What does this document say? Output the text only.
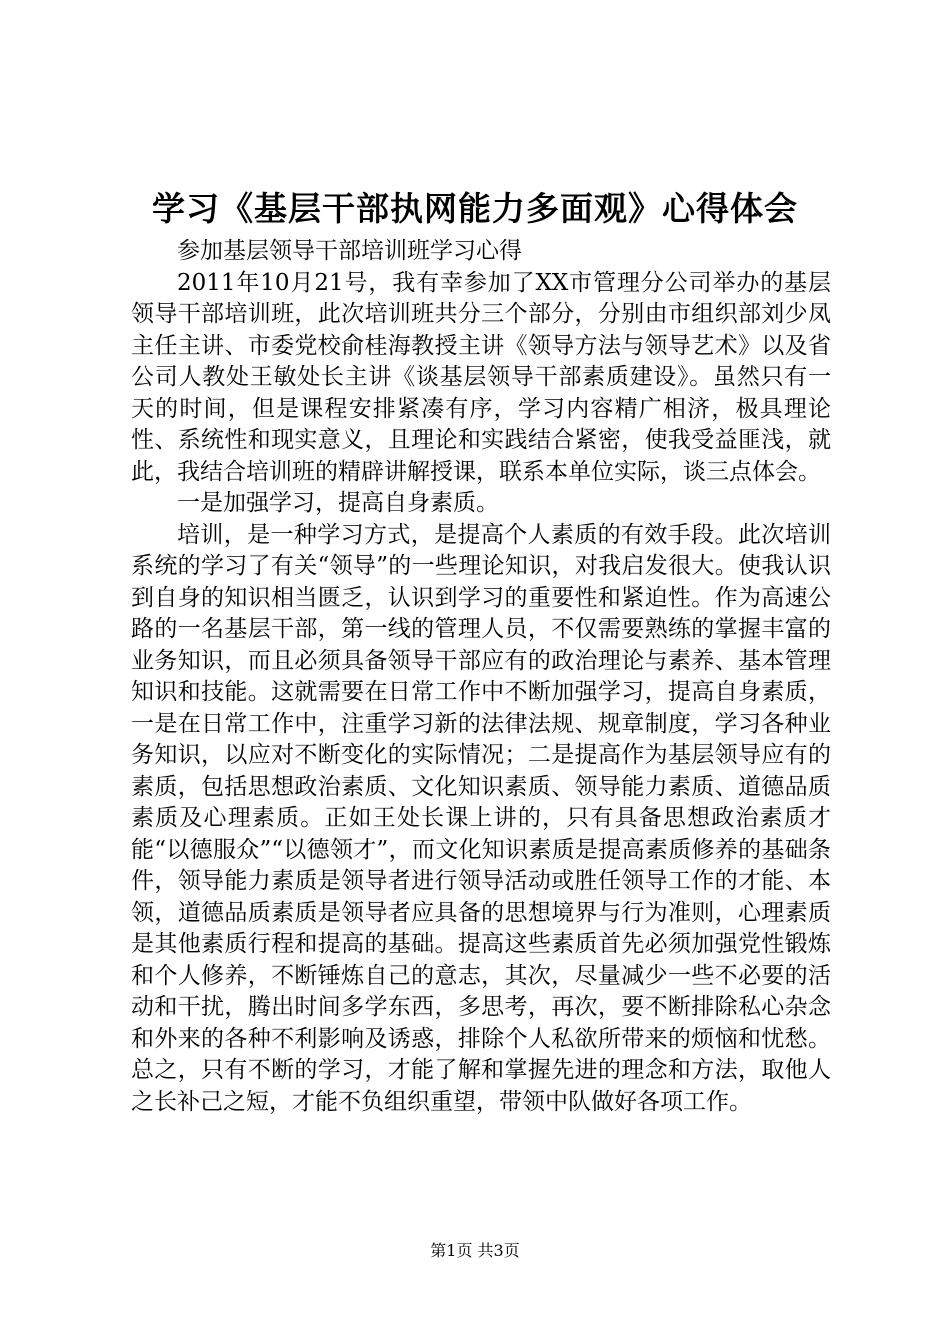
学习《基层干部执网能力多面观》心得体会

参加基层领导干部培训班学习心得

2011年10月21号，我有幸参加了XX市管理分公司举办的基层领导干部培训班，此次培训班共分三个部分，分别由市组织部刘少凤主任主讲、市委党校俞桂海教授主讲《领导方法与领导艺术》以及省公司人教处王敏处长主讲《谈基层领导干部素质建设》。虽然只有一天的时间，但是课程安排紧凑有序，学习内容精广相济，极具理论性、系统性和现实意义，且理论和实践结合紧密，使我受益匪浅，就此，我结合培训班的精辟讲解授课，联系本单位实际，谈三点体会。

一是加强学习，提高自身素质。

培训，是一种学习方式，是提高个人素质的有效手段。此次培训系统的学习了有关“领导”的一些理论知识，对我启发很大。使我认识到自身的知识相当匮乏，认识到学习的重要性和紧迫性。作为高速公路的一名基层干部，第一线的管理人员，不仅需要熟练的掌握丰富的业务知识，而且必须具备领导干部应有的政治理论与素养、基本管理知识和技能。这就需要在日常工作中不断加强学习，提高自身素质，一是在日常工作中，注重学习新的法律法规、规章制度，学习各种业务知识，以应对不断变化的实际情况；二是提高作为基层领导应有的素质，包括思想政治素质、文化知识素质、领导能力素质、道德品质素质及心理素质。正如王处长课上讲的，只有具备思想政治素质才能“以德服众”“以德领才”，而文化知识素质是提高素质修养的基础条件，领导能力素质是领导者进行领导活动或胜任领导工作的才能、本领，道德品质素质是领导者应具备的思想境界与行为准则，心理素质是其他素质行程和提高的基础。提高这些素质首先必须加强党性锻炼和个人修养，不断锤炼自己的意志，其次，尽量减少一些不必要的活动和干扰，腾出时间多学东西，多思考，再次，要不断排除私心杂念和外来的各种不利影响及诱惑，排除个人私欲所带来的烦恼和忧愁。总之，只有不断的学习，才能了解和掌握先进的理念和方法，取他人之长补己之短，才能不负组织重望，带领中队做好各项工作。

第1页 共3页
